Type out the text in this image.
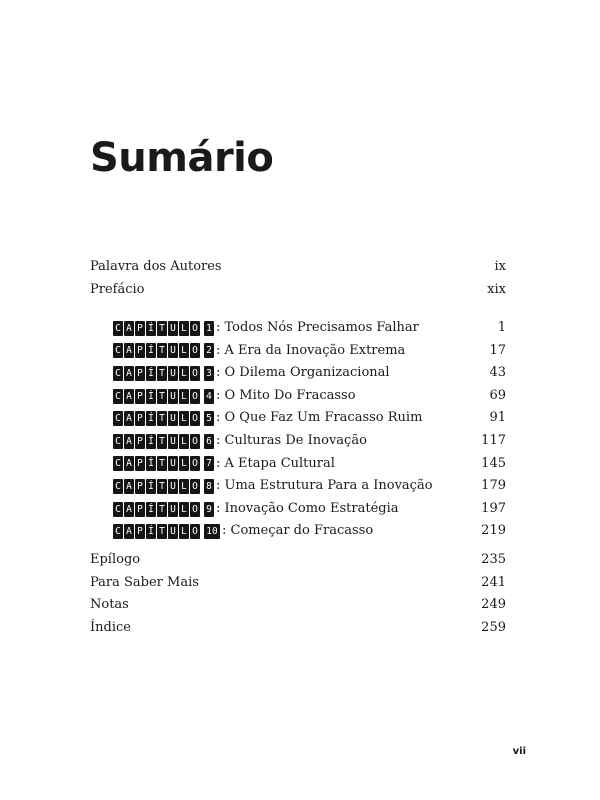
Sumário
Palavra dos Autores	ix
Prefácio	xix
C A P Í T U L O 1 : Todos Nós Precisamos Falhar	1
C A P Í T U L O 2 : A Era da Inovação Extrema	17
C A P Í T U L O 3 : O Dilema Organizacional	43
C A P Í T U L O 4 : O Mito Do Fracasso	69
C A P Í T U L O 5 : O Que Faz Um Fracasso Ruim	91
C A P Í T U L O 6 : Culturas De Inovação	117
C A P Í T U L O 7 : A Etapa Cultural	145
C A P Í T U L O 8 : Uma Estrutura Para a Inovação	179
C A P Í T U L O 9 : Inovação Como Estratégia	197
C A P Í T U L O 10 : Começar do Fracasso	219
Epílogo	235
Para Saber Mais	241
Notas	249
Índice	259
vii
